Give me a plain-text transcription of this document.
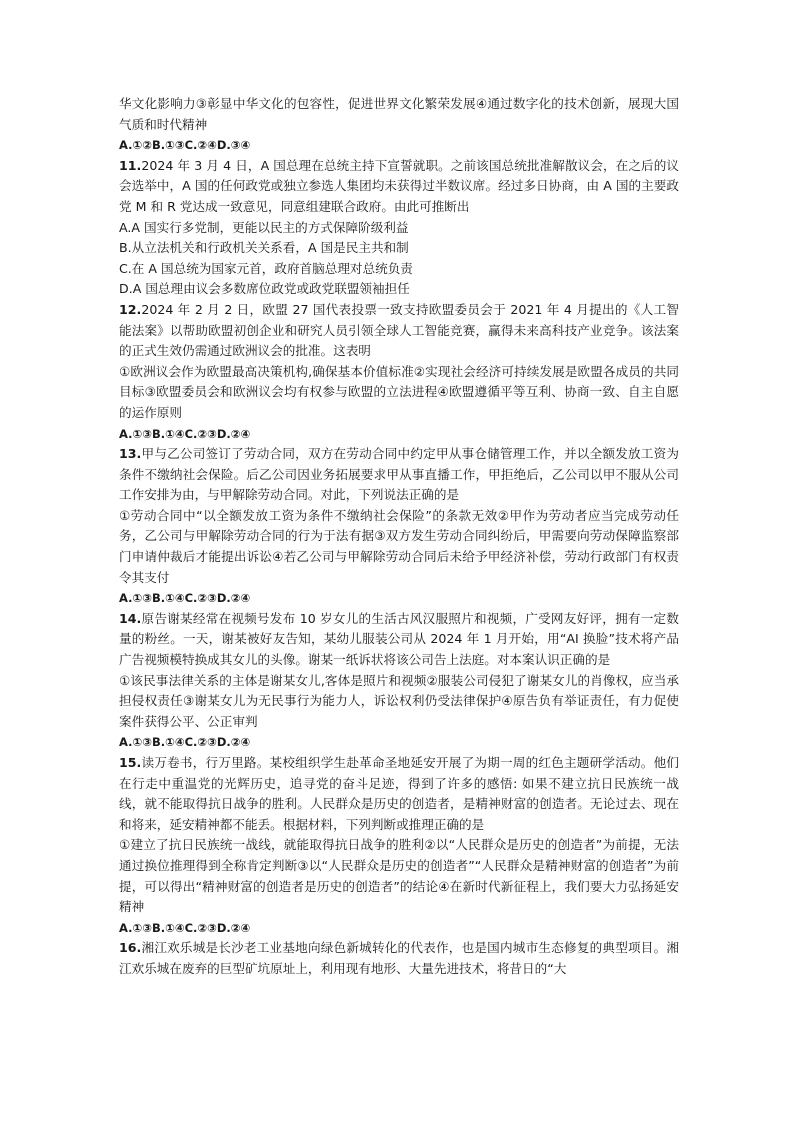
华文化影响力③彰显中华文化的包容性，促进世界文化繁荣发展④通过数字化的技术创新，展现大国气质和时代精神

A.①②B.①③C.②④D.③④

11.2024 年 3 月 4 日，A 国总理在总统主持下宣誓就职。之前该国总统批准解散议会，在之后的议会选举中，A 国的任何政党或独立参选人集团均未获得过半数议席。经过多日协商，由 A 国的主要政党 M 和 R 党达成一致意见，同意组建联合政府。由此可推断出

A.A 国实行多党制，更能以民主的方式保障阶级利益

B.从立法机关和行政机关关系看，A 国是民主共和制

C.在 A 国总统为国家元首，政府首脑总理对总统负责

D.A 国总理由议会多数席位政党或政党联盟领袖担任

12.2024 年 2 月 2 日，欧盟 27 国代表投票一致支持欧盟委员会于 2021 年 4 月提出的《人工智能法案》以帮助欧盟初创企业和研究人员引领全球人工智能竞赛，赢得未来高科技产业竞争。该法案的正式生效仍需通过欧洲议会的批准。这表明

①欧洲议会作为欧盟最高决策机构,确保基本价值标准②实现社会经济可持续发展是欧盟各成员的共同目标③欧盟委员会和欧洲议会均有权参与欧盟的立法进程④欧盟遵循平等互利、协商一致、自主自愿的运作原则

A.①③B.①④C.②③D.②④

13.甲与乙公司签订了劳动合同，双方在劳动合同中约定甲从事仓储管理工作，并以全额发放工资为条件不缴纳社会保险。后乙公司因业务拓展要求甲从事直播工作，甲拒绝后，乙公司以甲不服从公司工作安排为由，与甲解除劳动合同。对此，下列说法正确的是

①劳动合同中“以全额发放工资为条件不缴纳社会保险”的条款无效②甲作为劳动者应当完成劳动任务，乙公司与甲解除劳动合同的行为于法有据③双方发生劳动合同纠纷后，甲需要向劳动保障监察部门申请仲裁后才能提出诉讼④若乙公司与甲解除劳动合同后未给予甲经济补偿，劳动行政部门有权责令其支付

A.①③B.①④C.②③D.②④

14.原告谢某经常在视频号发布 10 岁女儿的生活古风汉服照片和视频，广受网友好评，拥有一定数量的粉丝。一天，谢某被好友告知，某幼儿服装公司从 2024 年 1 月开始，用“AI 换脸”技术将产品广告视频模特换成其女儿的头像。谢某一纸诉状将该公司告上法庭。对本案认识正确的是

①该民事法律关系的主体是谢某女儿,客体是照片和视频②服装公司侵犯了谢某女儿的肖像权，应当承担侵权责任③谢某女儿为无民事行为能力人，诉讼权利仍受法律保护④原告负有举证责任，有力促使案件获得公平、公正审判

A.①③B.①④C.②③D.②④

15.读万卷书，行万里路。某校组织学生赴革命圣地延安开展了为期一周的红色主题研学活动。他们在行走中重温党的光辉历史，追寻党的奋斗足迹，得到了许多的感悟: 如果不建立抗日民族统一战线，就不能取得抗日战争的胜利。人民群众是历史的创造者，是精神财富的创造者。无论过去、现在和将来，延安精神都不能丢。根据材料，下列判断或推理正确的是

①建立了抗日民族统一战线，就能取得抗日战争的胜利②以“人民群众是历史的创造者”为前提，无法通过换位推理得到全称肯定判断③以“人民群众是历史的创造者”“人民群众是精神财富的创造者”为前提，可以得出“精神财富的创造者是历史的创造者”的结论④在新时代新征程上，我们要大力弘扬延安精神

A.①③B.①④C.②③D.②④

16.湘江欢乐城是长沙老工业基地向绿色新城转化的代表作，也是国内城市生态修复的典型项目。湘江欢乐城在废弃的巨型矿坑原址上，利用现有地形、大量先进技术，将昔日的“大
